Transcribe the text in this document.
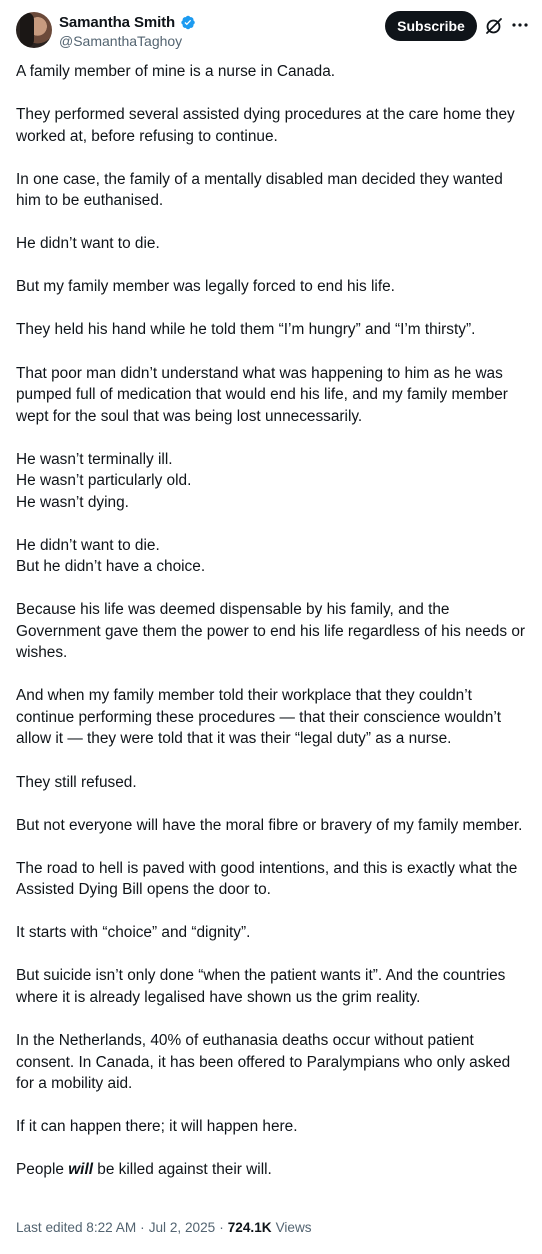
Samantha Smith
@SamanthaTaghoy
Subscribe

A family member of mine is a nurse in Canada.

They performed several assisted dying procedures at the care home they worked at, before refusing to continue.

In one case, the family of a mentally disabled man decided they wanted him to be euthanised.

He didn’t want to die.

But my family member was legally forced to end his life.

They held his hand while he told them “I’m hungry” and “I’m thirsty”.

That poor man didn’t understand what was happening to him as he was pumped full of medication that would end his life, and my family member wept for the soul that was being lost unnecessarily.

He wasn’t terminally ill.
He wasn’t particularly old.
He wasn’t dying.

He didn’t want to die.
But he didn’t have a choice.

Because his life was deemed dispensable by his family, and the Government gave them the power to end his life regardless of his needs or wishes.

And when my family member told their workplace that they couldn’t continue performing these procedures — that their conscience wouldn’t allow it — they were told that it was their “legal duty” as a nurse.

They still refused.

But not everyone will have the moral fibre or bravery of my family member.

The road to hell is paved with good intentions, and this is exactly what the Assisted Dying Bill opens the door to.

It starts with “choice” and “dignity”.

But suicide isn’t only done “when the patient wants it”. And the countries where it is already legalised have shown us the grim reality.

In the Netherlands, 40% of euthanasia deaths occur without patient consent. In Canada, it has been offered to Paralympians who only asked for a mobility aid.

If it can happen there; it will happen here.

People will be killed against their will.

Last edited 8:22 AM · Jul 2, 2025 · 724.1K Views
